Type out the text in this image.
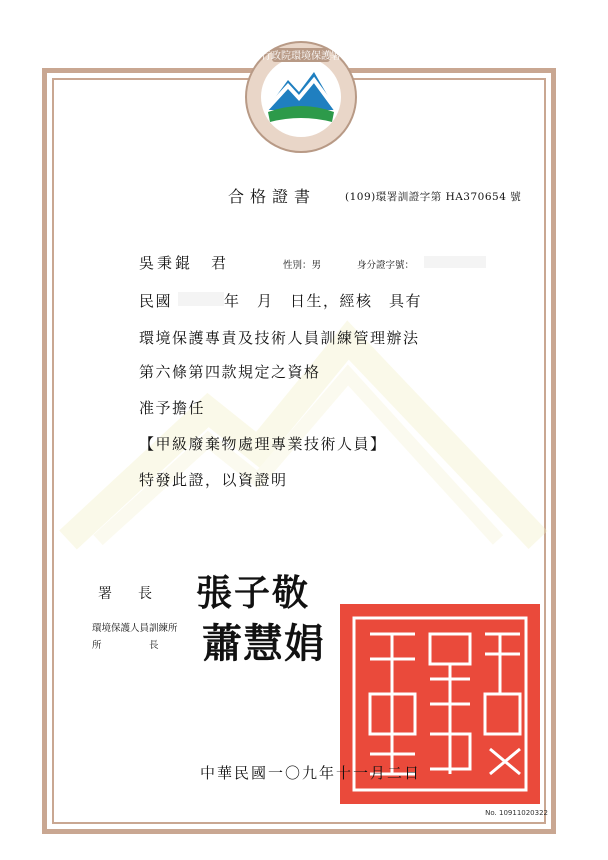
行政院環境保護署
合格證書	(109)環署訓證字第 HA370654 號
吳秉錕　 君	性別：男	身分證字號：
民國	年　月　日生，經核　具有
環境保護專責及技術人員訓練管理辦法
第六條第四款規定之資格
准予擔任
【甲級廢棄物處理專業技術人員】
特發此證，以資證明
署　長 張子敬
環境保護人員訓練所
所　　　　　長	蕭慧娟
中華民國一〇九年十一月二日
No. 10911020322
